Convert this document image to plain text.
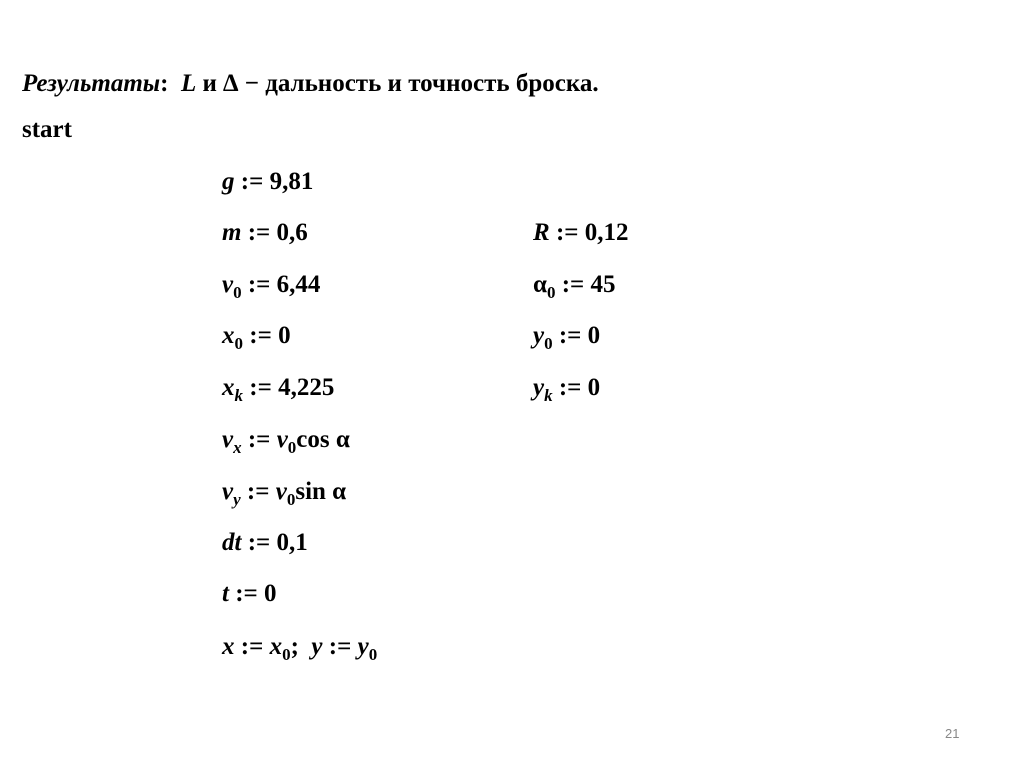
Результаты:  L и ∆ − дальность и точность броска.
start
g := 9,81
m := 0,6
$v_0$ := 6,44
$x_0$ := 0
$x_k$ := 4,225
$v_x$ := $v_0\cos$ α
$v_y$ := $v_0\sin$ α
dt := 0,1
t := 0
x := $x_0$;  y := $y_0$
R := 0,12
$\alpha_0$ := 45
$y_0$ := 0
$y_k$ := 0
21
